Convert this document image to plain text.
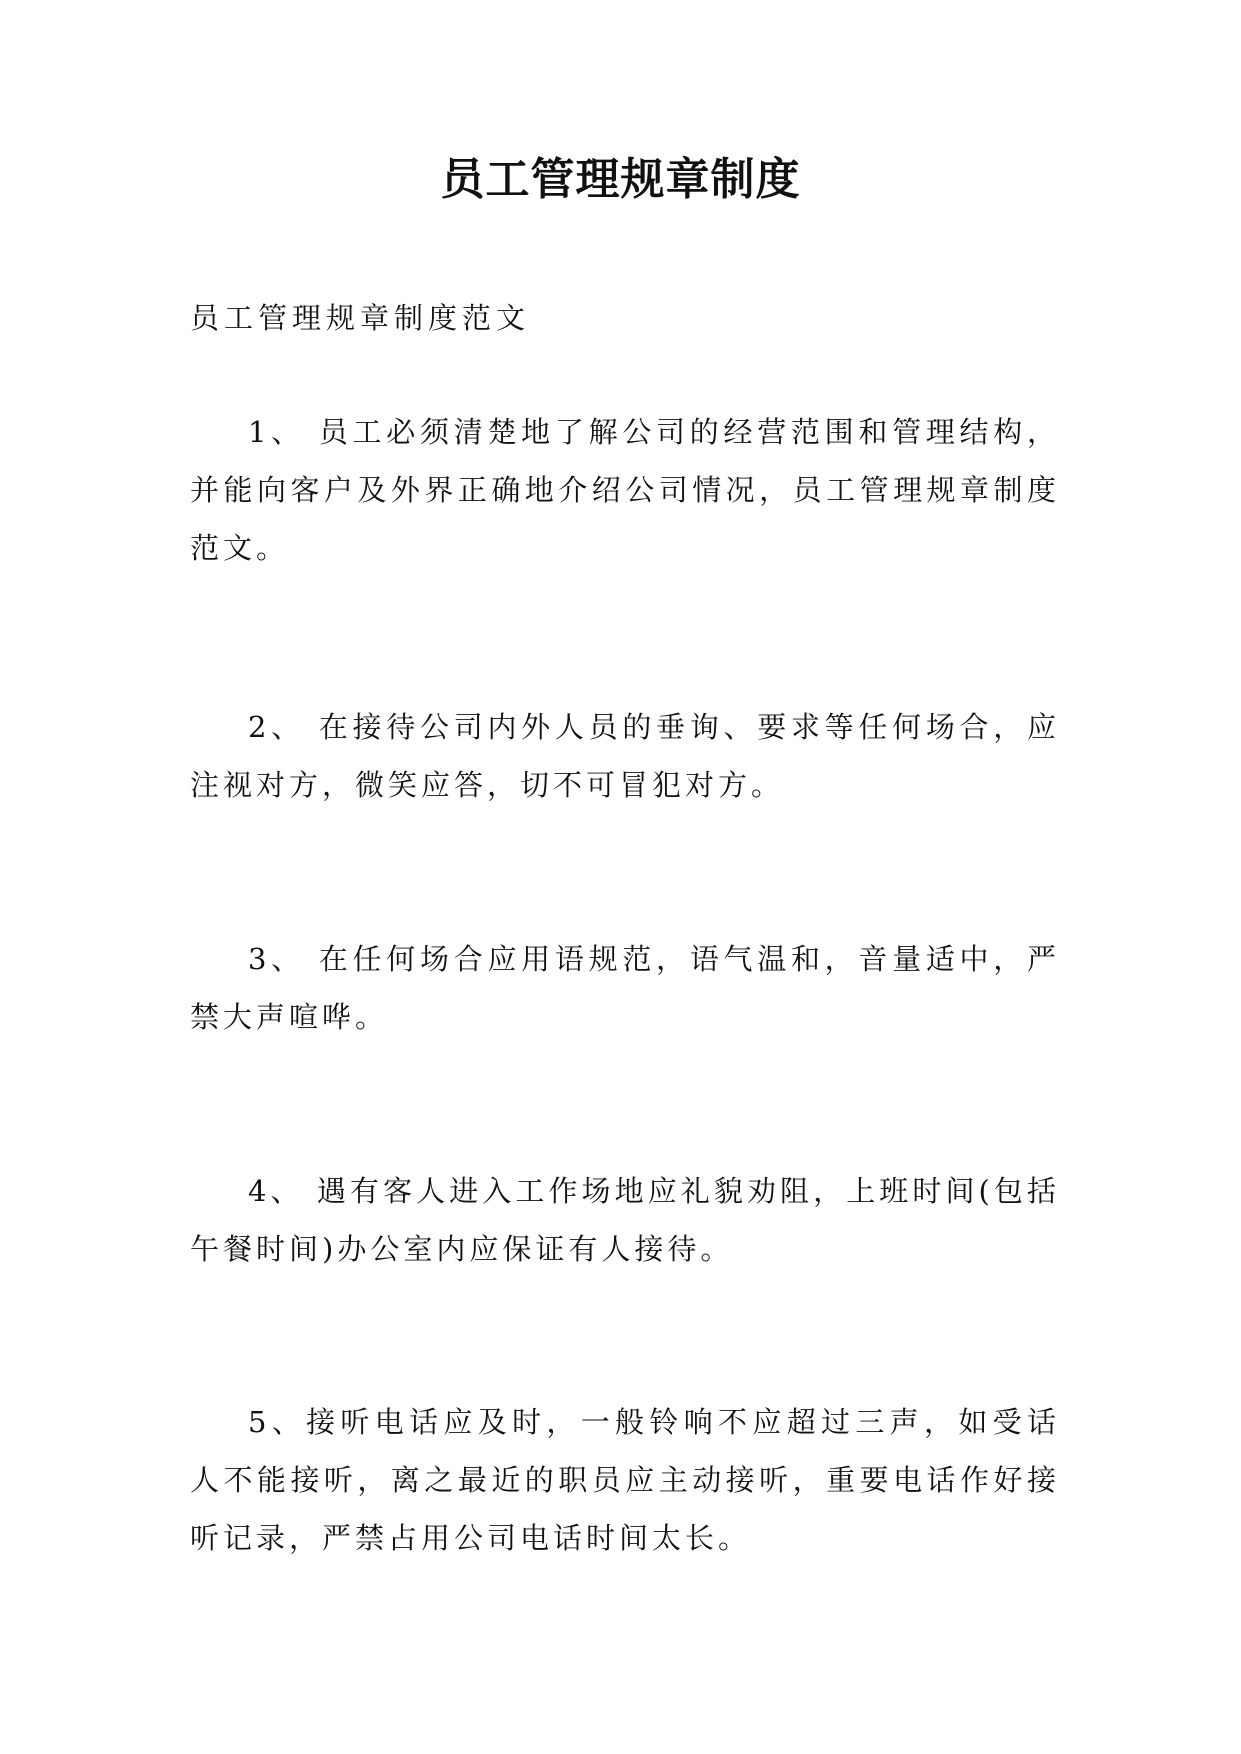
员工管理规章制度

员工管理规章制度范文

1、 员工必须清楚地了解公司的经营范围和管理结构，并能向客户及外界正确地介绍公司情况，员工管理规章制度范文。

2、 在接待公司内外人员的垂询、要求等任何场合，应注视对方，微笑应答，切不可冒犯对方。

3、 在任何场合应用语规范，语气温和，音量适中，严禁大声喧哗。

4、 遇有客人进入工作场地应礼貌劝阻，上班时间(包括午餐时间)办公室内应保证有人接待。

5、接听电话应及时，一般铃响不应超过三声，如受话人不能接听，离之最近的职员应主动接听，重要电话作好接听记录，严禁占用公司电话时间太长。
